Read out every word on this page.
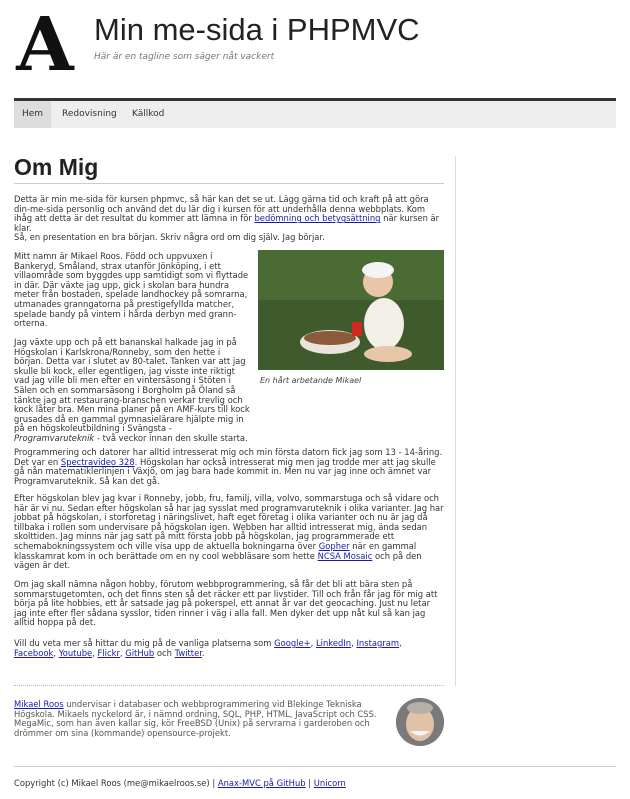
A Min me-sida i PHPMVC
Här är en tagline som säger nåt vackert
Hem	Redovisning	Källkod
Om Mig

Detta är min me-sida för kursen phpmvc, så här kan det se ut. Lägg gärna tid och kraft på att göra din-me-sida personlig och använd det du lär dig i kursen för att underhålla denna webbplats. Kom ihåg att detta är det resultat du kommer att lämna in för bedömning och betygsättning när kursen är klar.

Så, en presentation en bra början. Skriv några ord om dig själv. Jag börjar.

Mitt namn är Mikael Roos. Född och uppvuxen i Bankeryd, Småland, strax utanför Jönköping, i ett villaområde som byggdes upp samtidigt som vi flyttade in där. Där växte jag upp, gick i skolan bara hundra meter från bostaden, spelade landhockey på somrarna, utmanades granngatorna på prestigefyllda matcher, spelade bandy på vintern i hårda derbyn med grann-orterna.

Jag växte upp och på ett bananskal halkade jag in på Högskolan i Karlskrona/Ronneby, som den hette i början. Detta var i slutet av 80-talet. Tanken var att jag skulle bli kock, eller egentligen, jag visste inte riktigt vad jag ville bli men efter en vintersäsong i Stöten i Sälen och en sommarsäsong i Borgholm på Öland så tänkte jag att restaurang-branschen verkar trevlig och kock låter bra. Men mina planer på en AMF-kurs till kock grusades då en gammal gymnasielärare hjälpte mig in på en högskoleutbildning i Svängsta - Programvaruteknik - två veckor innan den skulle starta.

En hårt arbetande Mikael

Programmering och datorer har alltid intresserat mig och min första datorn fick jag som 13 - 14-åring. Det var en Spectravideo 328. Högskolan har också intresserat mig men jag trodde mer att jag skulle gå nån matematiklerlinjen i Växjö, om jag bara hade kommit in. Men nu var jag inne och ämnet var Programvaruteknik. Så kan det gå.

Efter högskolan blev jag kvar i Ronneby, jobb, fru, familj, villa, volvo, sommarstuga och så vidare och här är vi nu. Sedan efter högskolan så har jag sysslat med programvaruteknik i olika varianter. Jag har jobbat på högskolan, i storforetag i näringslivet, haft eget företag i olika varianter och nu är jag då tillbaka i rollen som undervisare på högskolan igen. Webben har alltid intresserat mig, ända sedan skolttiden. Jag minns när jag satt på mitt första jobb på högskolan, jag programmerade ett schemabokningssystem och ville visa upp de aktuella bokningarna över Gopher när en gammal klasskamrat kom in och berättade om en ny cool webbläsare som hette NCSA Mosaic och på den vägen är det.

Om jag skall nämna någon hobby, förutom webbprogrammering, så får det bli att bära sten på sommarstugetomten, och det finns sten så det räcker ett par livstider. Till och från får jag för mig att börja på lite hobbies, ett år satsade jag på pokerspel, ett annat år var det geocaching. Just nu letar jag inte efter fler sådana sysslor, tiden rinner i väg i alla fall. Men dyker det upp nåt kul så kan jag alltid hoppa på det.

Vill du veta mer så hittar du mig på de vanliga platserna som Google+, LinkedIn, Instagram, Facebook, Youtube, Flickr, GitHub och Twitter.

Mikael Roos undervisar i databaser och webbprogrammering vid Blekinge Tekniska Högskola. Mikaels nyckelord är, i nämnd ordning, SQL, PHP, HTML, JavaScript och CSS. MegaMic, som han även kallar sig, kör FreeBSD (Unix) på servrarna i garderoben och drömmer om sina (kommande) opensource-projekt.

Copyright (c) Mikael Roos (me@mikaelroos.se) | Anax-MVC på GitHub | Unicorn
